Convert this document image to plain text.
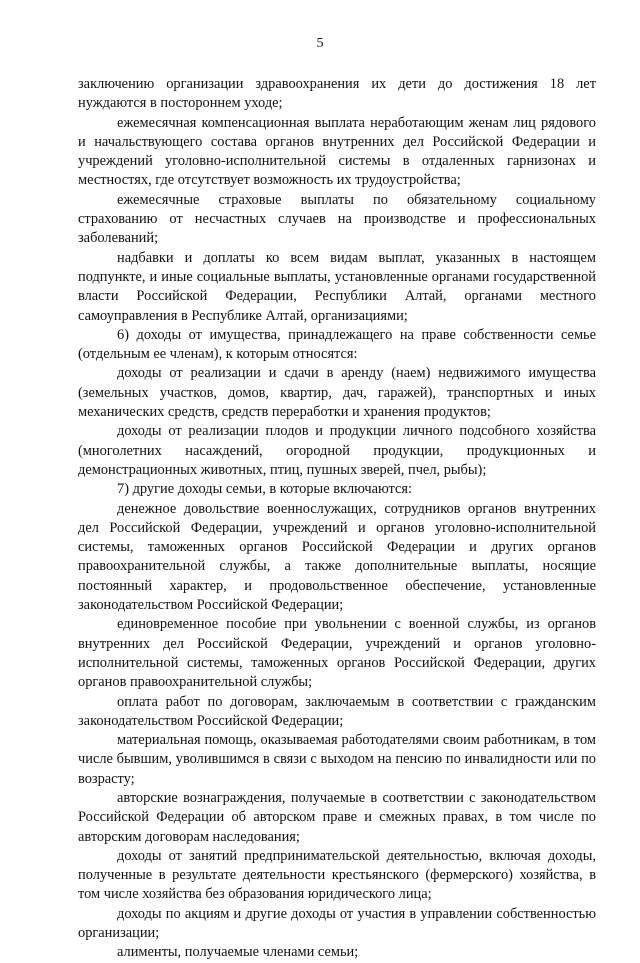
5

заключению организации здравоохранения их дети до достижения 18 лет нуждаются в постороннем уходе;

ежемесячная компенсационная выплата неработающим женам лиц рядового и начальствующего состава органов внутренних дел Российской Федерации и учреждений уголовно-исполнительной системы в отдаленных гарнизонах и местностях, где отсутствует возможность их трудоустройства;

ежемесячные страховые выплаты по обязательному социальному страхованию от несчастных случаев на производстве и профессиональных заболеваний;

надбавки и доплаты ко всем видам выплат, указанных в настоящем подпункте, и иные социальные выплаты, установленные органами государственной власти Российской Федерации, Республики Алтай, органами местного самоуправления в Республике Алтай, организациями;

6) доходы от имущества, принадлежащего на праве собственности семье (отдельным ее членам), к которым относятся:

доходы от реализации и сдачи в аренду (наем) недвижимого имущества (земельных участков, домов, квартир, дач, гаражей), транспортных и иных механических средств, средств переработки и хранения продуктов;

доходы от реализации плодов и продукции личного подсобного хозяйства (многолетних насаждений, огородной продукции, продукционных и демонстрационных животных, птиц, пушных зверей, пчел, рыбы);

7) другие доходы семьи, в которые включаются:

денежное довольствие военнослужащих, сотрудников органов внутренних дел Российской Федерации, учреждений и органов уголовно-исполнительной системы, таможенных органов Российской Федерации и других органов правоохранительной службы, а также дополнительные выплаты, носящие постоянный характер, и продовольственное обеспечение, установленные законодательством Российской Федерации;

единовременное пособие при увольнении с военной службы, из органов внутренних дел Российской Федерации, учреждений и органов уголовно-исполнительной системы, таможенных органов Российской Федерации, других органов правоохранительной службы;

оплата работ по договорам, заключаемым в соответствии с гражданским законодательством Российской Федерации;

материальная помощь, оказываемая работодателями своим работникам, в том числе бывшим, уволившимся в связи с выходом на пенсию по инвалидности или по возрасту;

авторские вознаграждения, получаемые в соответствии с законодательством Российской Федерации об авторском праве и смежных правах, в том числе по авторским договорам наследования;

доходы от занятий предпринимательской деятельностью, включая доходы, полученные в результате деятельности крестьянского (фермерского) хозяйства, в том числе хозяйства без образования юридического лица;

доходы по акциям и другие доходы от участия в управлении собственностью организации;

алименты, получаемые членами семьи;
